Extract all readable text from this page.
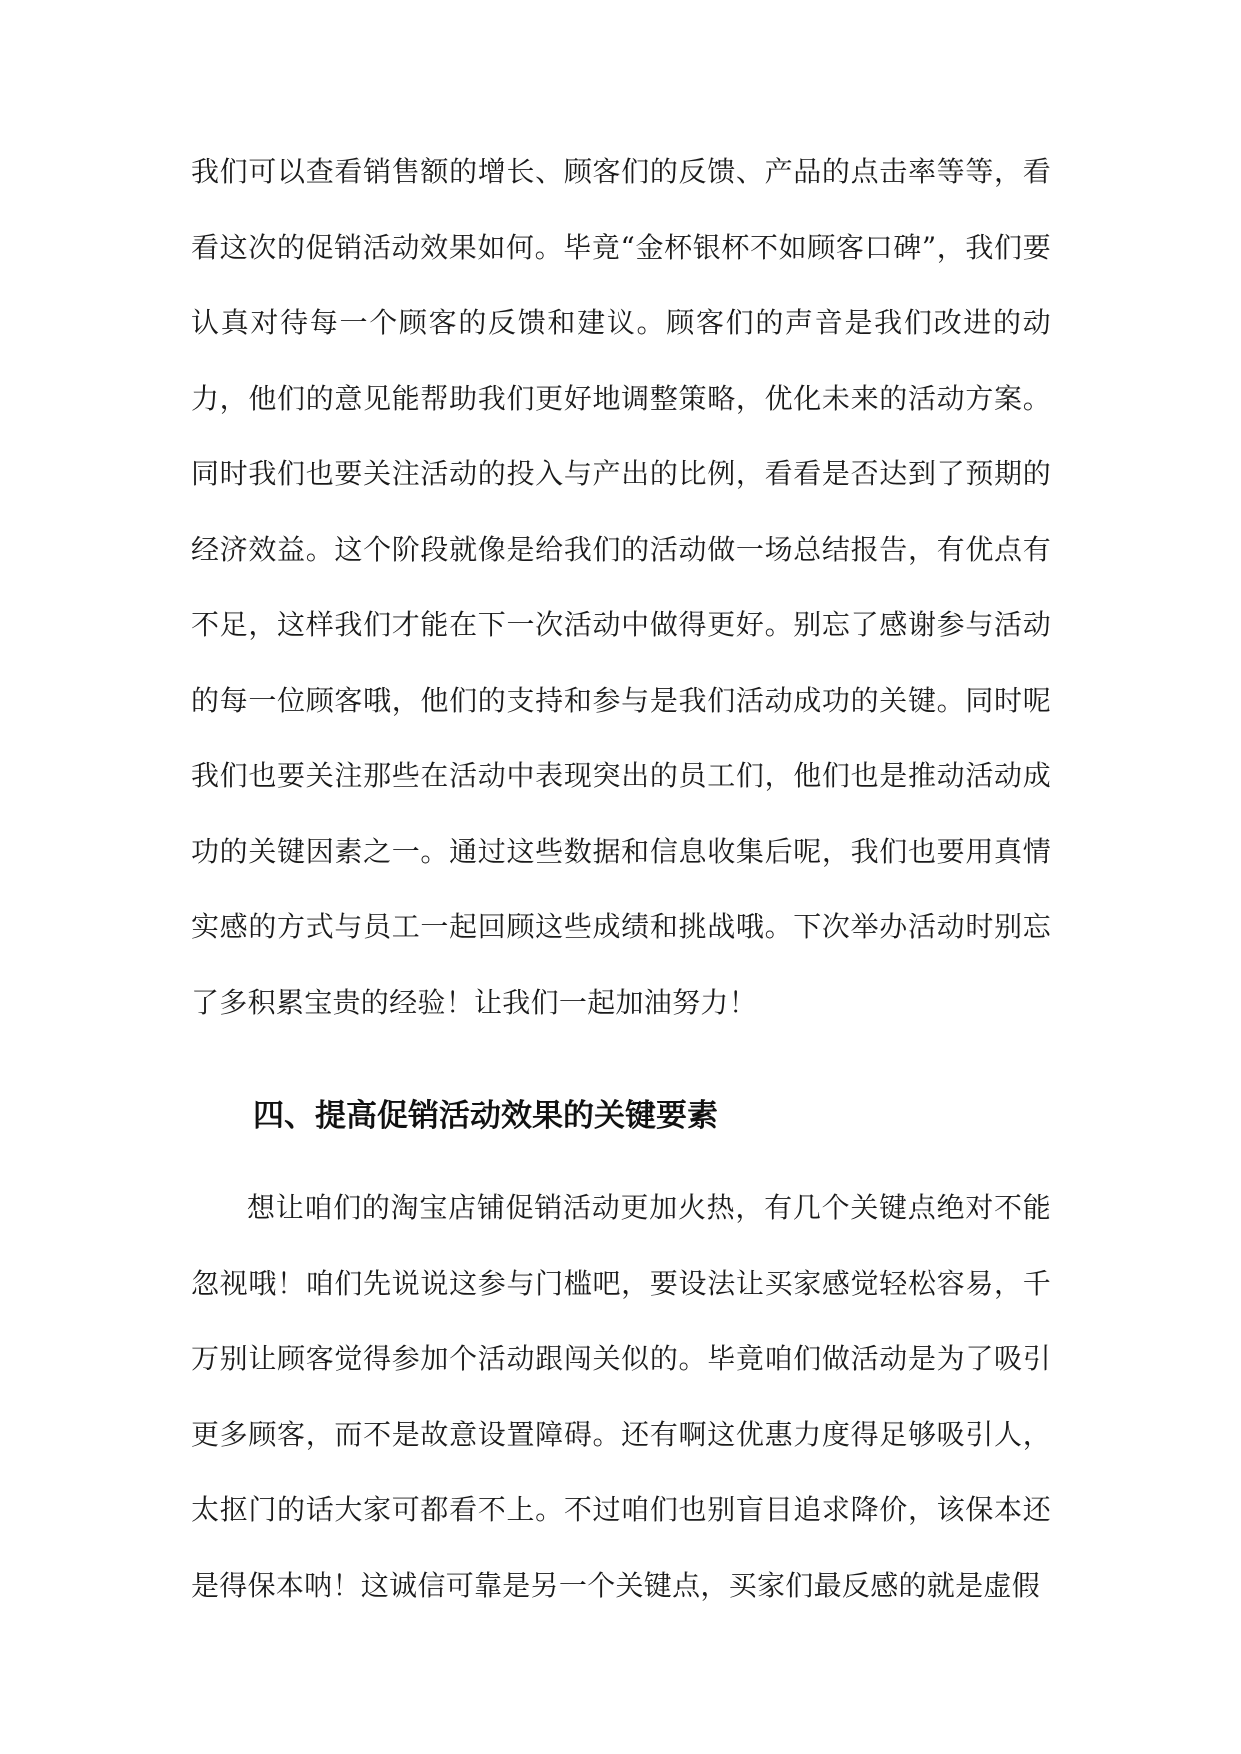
我们可以查看销售额的增长、顾客们的反馈、产品的点击率等等，看看这次的促销活动效果如何。毕竟“金杯银杯不如顾客口碑”，我们要认真对待每一个顾客的反馈和建议。顾客们的声音是我们改进的动力，他们的意见能帮助我们更好地调整策略，优化未来的活动方案。同时我们也要关注活动的投入与产出的比例，看看是否达到了预期的经济效益。这个阶段就像是给我们的活动做一场总结报告，有优点有不足，这样我们才能在下一次活动中做得更好。别忘了感谢参与活动的每一位顾客哦，他们的支持和参与是我们活动成功的关键。同时呢我们也要关注那些在活动中表现突出的员工们，他们也是推动活动成功的关键因素之一。通过这些数据和信息收集后呢，我们也要用真情实感的方式与员工一起回顾这些成绩和挑战哦。下次举办活动时别忘了多积累宝贵的经验！让我们一起加油努力！

四、提高促销活动效果的关键要素

想让咱们的淘宝店铺促销活动更加火热，有几个关键点绝对不能忽视哦！咱们先说说这参与门槛吧，要设法让买家感觉轻松容易，千万别让顾客觉得参加个活动跟闯关似的。毕竟咱们做活动是为了吸引更多顾客，而不是故意设置障碍。还有啊这优惠力度得足够吸引人，太抠门的话大家可都看不上。不过咱们也别盲目追求降价，该保本还是得保本呐！这诚信可靠是另一个关键点，买家们最反感的就是虚假
